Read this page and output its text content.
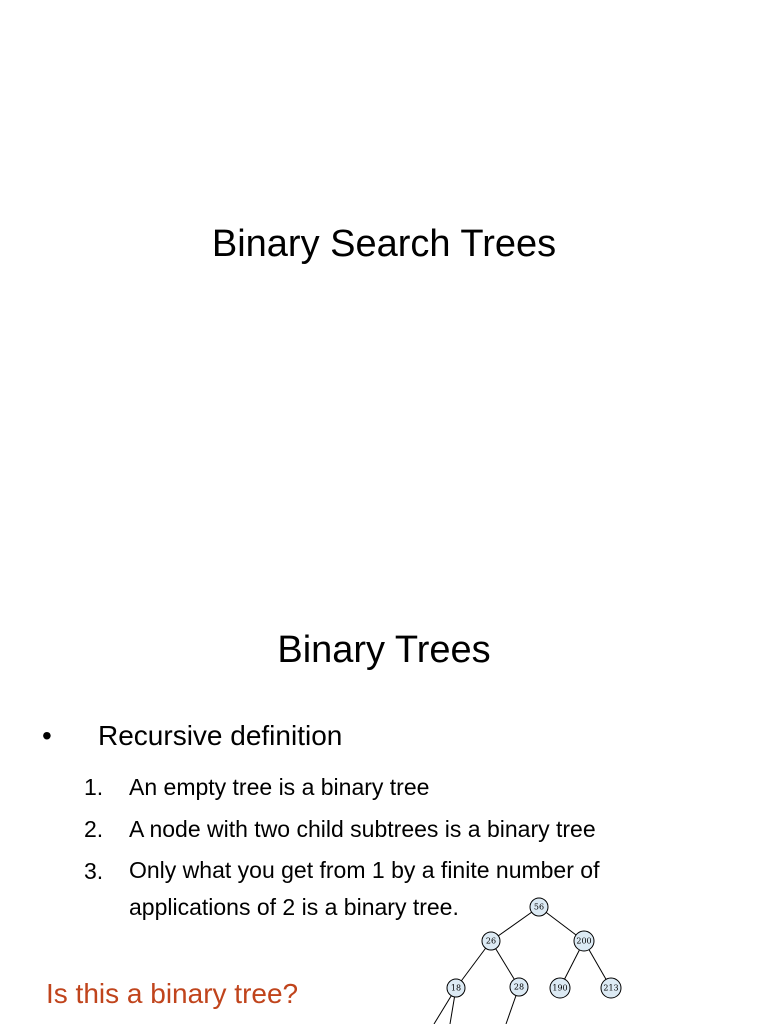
Binary Search Trees
Binary Trees
•	Recursive definition
1. An empty tree is a binary tree
2. A node with two child subtrees is a binary tree
3. Only what you get from 1 by a finite number of applications of 2 is a binary tree.
Is this a binary tree?
56
26	200
18	28	190	213
